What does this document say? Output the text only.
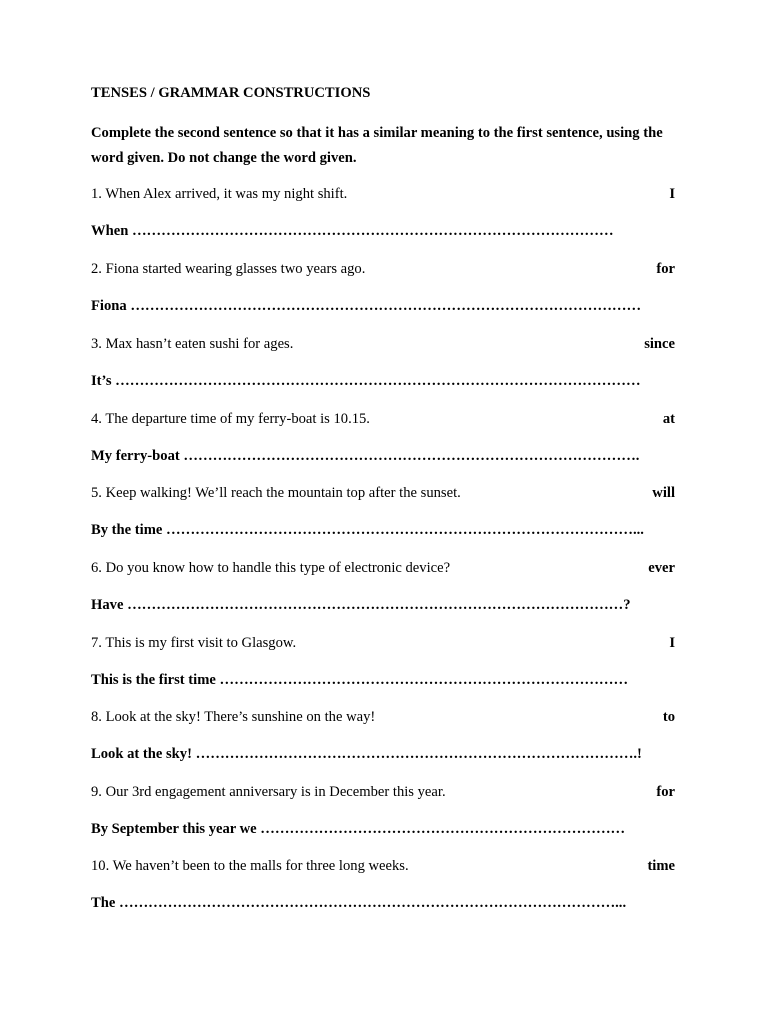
TENSES / GRAMMAR CONSTRUCTIONS
Complete the second sentence so that it has a similar meaning to the first sentence, using the word given. Do not change the word given.
1. When Alex arrived, it was my night shift.	I
When ………………………………………………………………………………………
2. Fiona started wearing glasses two years ago.	for
Fiona ……………………………………………………………………………………………
3. Max hasn’t eaten sushi for ages.	since
It’s ………………………………………………………………………………………………
4. The departure time of my ferry-boat is 10.15.	at
My ferry-boat ………………………………………………………………………………….
5. Keep walking! We’ll reach the mountain top after the sunset.	will
By the time ……………………………………………………………………………………...
6. Do you know how to handle this type of electronic device?	ever
Have …………………………………………………………………………………………?
7. This is my first visit to Glasgow.	I
This is the first time …………………………………………………………………………
8. Look at the sky! There’s sunshine on the way!	to
Look at the sky! ……………………………………………………………………………….!
9. Our 3rd engagement anniversary is in December this year.	for
By September this year we …………………………………………………………………
10. We haven’t been to the malls for three long weeks.	time
The …………………………………………………………………………………………...
